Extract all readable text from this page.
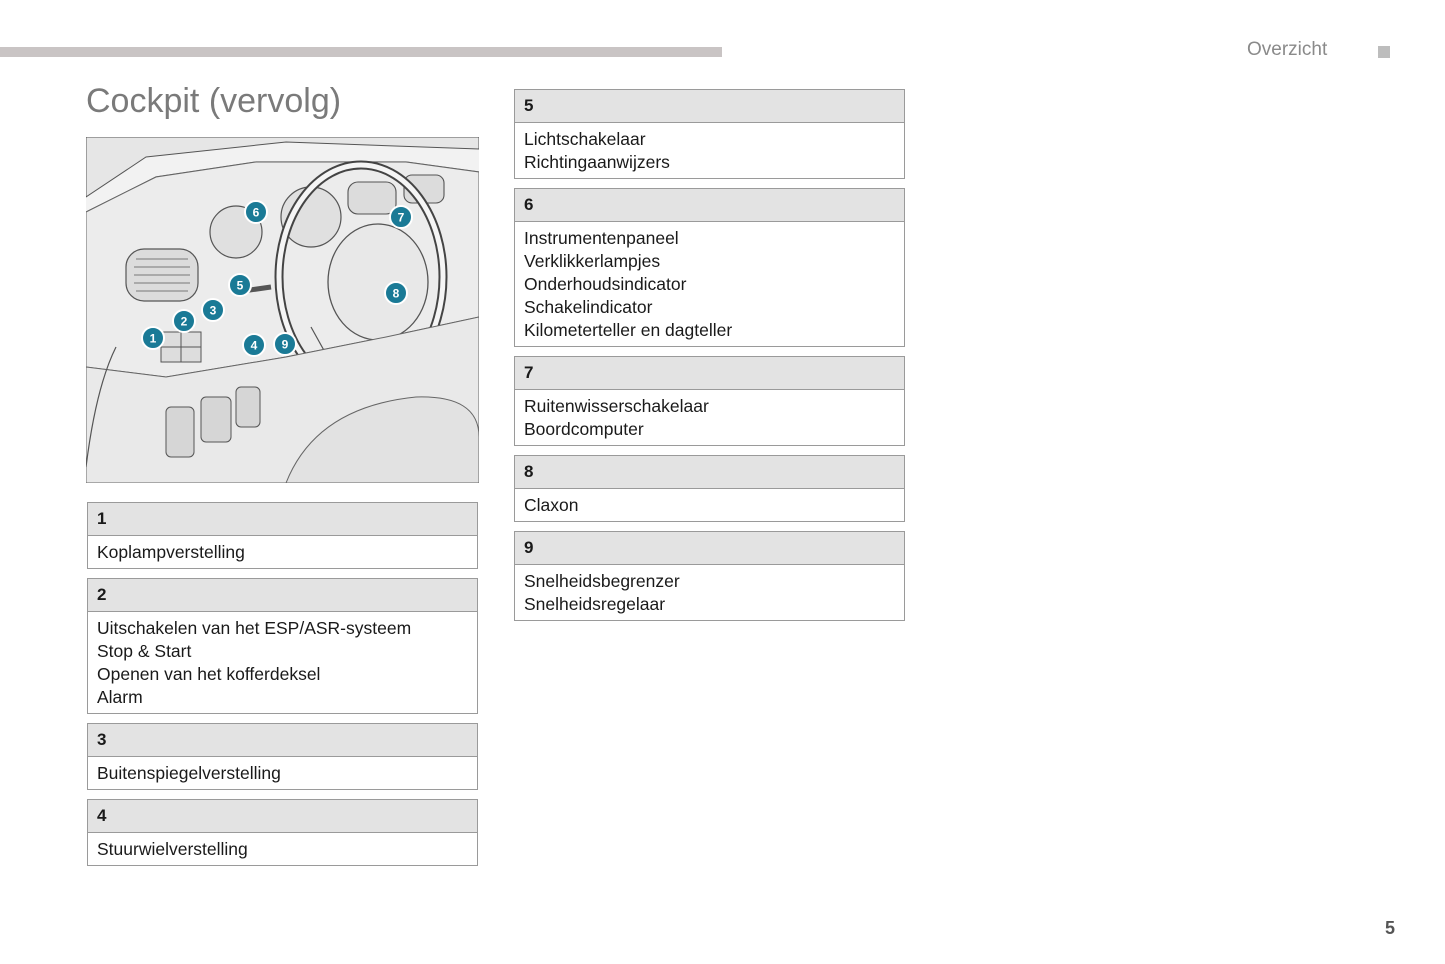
Overzicht
Cockpit (vervolg)
1
2
3
4
5
6	7
8
9
1
Koplampverstelling
2
Uitschakelen van het ESP/ASR-systeem
Stop & Start
Openen van het kofferdeksel
Alarm
3
Buitenspiegelverstelling
4
Stuurwielverstelling
5
Lichtschakelaar
Richtingaanwijzers
6
Instrumentenpaneel
Verklikkerlampjes
Onderhoudsindicator
Schakelindicator
Kilometerteller en dagteller
7
Ruitenwisserschakelaar
Boordcomputer
8
Claxon
9
Snelheidsbegrenzer
Snelheidsregelaar
5
